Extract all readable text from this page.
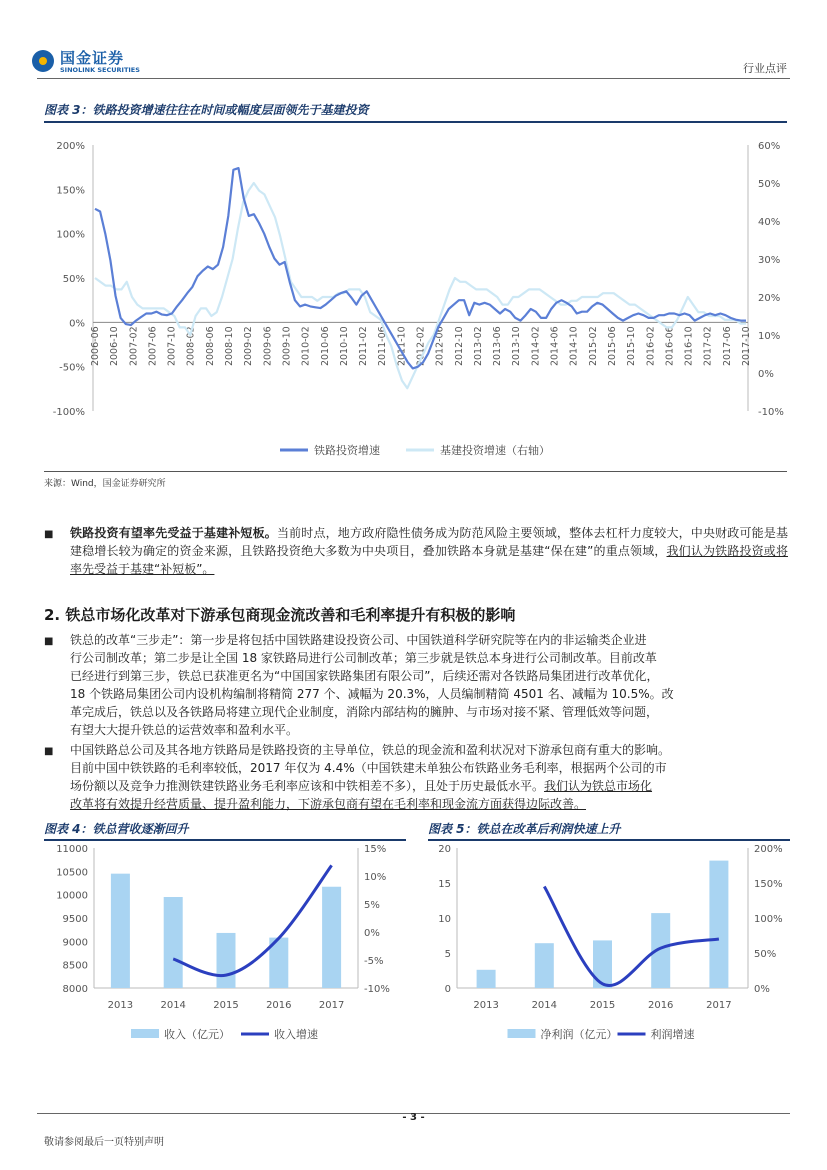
国金证券
SINOLINK SECURITIES	行业点评
图表 3：铁路投资增速往往在时间或幅度层面领先于基建投资
200%
150%
100%
50%
0%
-50%
-100%
60%
50%
40%
30%
20%
10%
0%
-10%
2006-06 2006-10 2007-02 2007-06 2007-10 2008-02 2008-06 2008-10 2009-02 2009-06 2009-10 2010-02 2010-06 2010-10 2011-02 2011-06 2011-10 2012-02 2012-06 2012-10 2013-02 2013-06 2013-10 2014-02 2014-06 2014-10 2015-02 2015-06 2015-10 2016-02 2016-06 2016-10 2017-02 2017-06 2017-10
铁路投资增速	基建投资增速（右轴）
来源：Wind，国金证券研究所
■ 铁路投资有望率先受益于基建补短板。当前时点，地方政府隐性债务成为防范风险主要领域，整体去杠杆力度较大，中央财政可能是基建稳增长较为确定的资金来源，且铁路投资绝大多数为中央项目，叠加铁路本身就是基建“保在建”的重点领域，我们认为铁路投资或将率先受益于基建“补短板”。
2. 铁总市场化改革对下游承包商现金流改善和毛利率提升有积极的影响
■ 铁总的改革“三步走”：第一步是将包括中国铁路建设投资公司、中国铁道科学研究院等在内的非运输类企业进
行公司制改革；第二步是让全国 18 家铁路局进行公司制改革；第三步就是铁总本身进行公司制改革。目前改革
已经进行到第三步，铁总已获准更名为“中国国家铁路集团有限公司”，后续还需对各铁路局集团进行改革优化，
18 个铁路局集团公司内设机构编制将精简 277 个、减幅为 20.3%，人员编制精简 4501 名、减幅为 10.5%。改
革完成后，铁总以及各铁路局将建立现代企业制度，消除内部结构的臃肿、与市场对接不紧、管理低效等问题，
有望大大提升铁总的运营效率和盈利水平。
■ 中国铁路总公司及其各地方铁路局是铁路投资的主导单位，铁总的现金流和盈利状况对下游承包商有重大的影响。
目前中国中铁铁路的毛利率较低，2017 年仅为 4.4%（中国铁建未单独公布铁路业务毛利率，根据两个公司的市
场份额以及竞争力推测铁建铁路业务毛利率应该和中铁相差不多），且处于历史最低水平。我们认为铁总市场化
改革将有效提升经营质量、提升盈利能力，下游承包商有望在毛利率和现金流方面获得边际改善。
图表 4：铁总营收逐渐回升
11000
10500
10000
9500
9000
8500
8000
15%
10%
5%
0%
-5%
-10%
2013	2014	2015	2016	2017
收入（亿元）	收入增速
图表 5：铁总在改革后利润快速上升
20
15
10
5
0
200%
150%
100%
50%
0%
2013	2014	2015	2016	2017
净利润（亿元）	利润增速
- 3 -
敬请参阅最后一页特别声明
